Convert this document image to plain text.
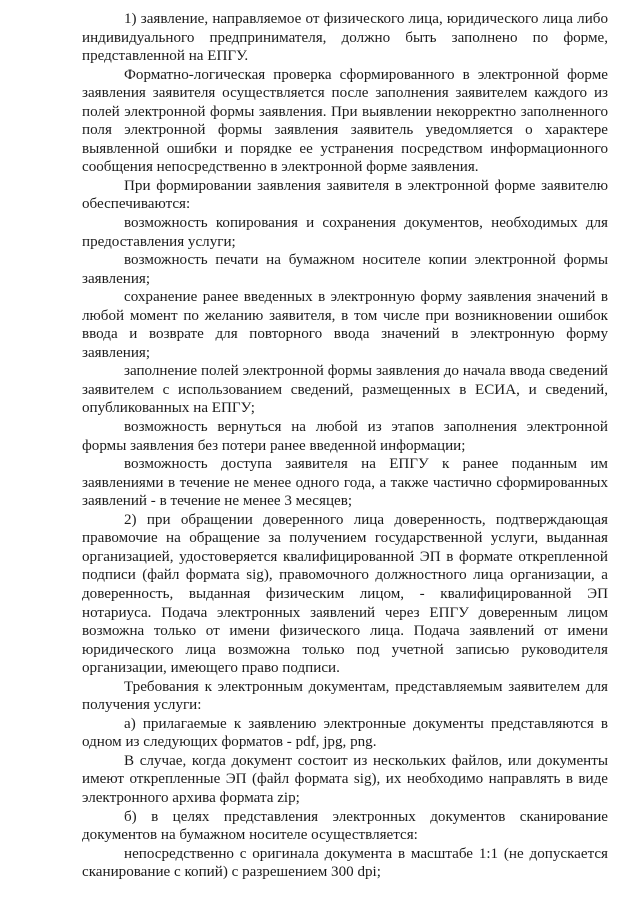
1) заявление, направляемое от физического лица, юридического лица либо индивидуального предпринимателя, должно быть заполнено по форме, представленной на ЕПГУ.

Форматно-логическая проверка сформированного в электронной форме заявления заявителя осуществляется после заполнения заявителем каждого из полей электронной формы заявления. При выявлении некорректно заполненного поля электронной формы заявления заявитель уведомляется о характере выявленной ошибки и порядке ее устранения посредством информационного сообщения непосредственно в электронной форме заявления.

При формировании заявления заявителя в электронной форме заявителю обеспечиваются:

возможность копирования и сохранения документов, необходимых для предоставления услуги;

возможность печати на бумажном носителе копии электронной формы заявления;

сохранение ранее введенных в электронную форму заявления значений в любой момент по желанию заявителя, в том числе при возникновении ошибок ввода и возврате для повторного ввода значений в электронную форму заявления;

заполнение полей электронной формы заявления до начала ввода сведений заявителем с использованием сведений, размещенных в ЕСИА, и сведений, опубликованных на ЕПГУ;

возможность вернуться на любой из этапов заполнения электронной формы заявления без потери ранее введенной информации;

возможность доступа заявителя на ЕПГУ к ранее поданным им заявлениями в течение не менее одного года, а также частично сформированных заявлений - в течение не менее 3 месяцев;

2) при обращении доверенного лица доверенность, подтверждающая правомочие на обращение за получением государственной услуги, выданная организацией, удостоверяется квалифицированной ЭП в формате открепленной подписи (файл формата sig), правомочного должностного лица организации, а доверенность, выданная физическим лицом, - квалифицированной ЭП нотариуса. Подача электронных заявлений через ЕПГУ доверенным лицом возможна только от имени физического лица. Подача заявлений от имени юридического лица возможна только под учетной записью руководителя организации, имеющего право подписи.

Требования к электронным документам, представляемым заявителем для получения услуги:

а) прилагаемые к заявлению электронные документы представляются в одном из следующих форматов - pdf, jpg, png.

В случае, когда документ состоит из нескольких файлов, или документы имеют открепленные ЭП (файл формата sig), их необходимо направлять в виде электронного архива формата zip;

б) в целях представления электронных документов сканирование документов на бумажном носителе осуществляется:

непосредственно с оригинала документа в масштабе 1:1 (не допускается сканирование с копий) с разрешением 300 dpi;
